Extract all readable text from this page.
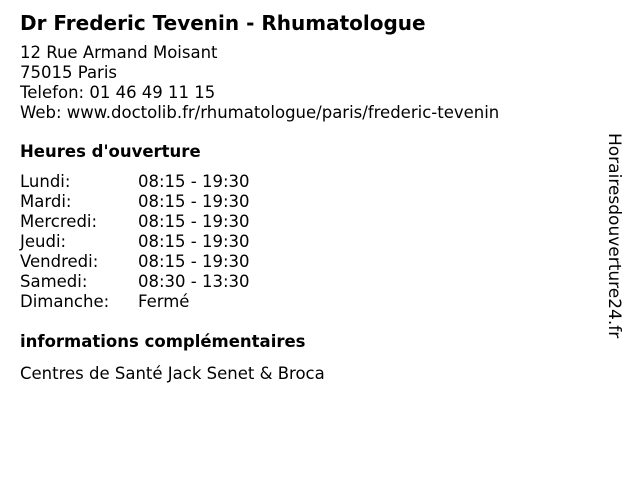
Dr Frederic Tevenin - Rhumatologue
12 Rue Armand Moisant
75015 Paris
Telefon: 01 46 49 11 15
Web: www.doctolib.fr/rhumatologue/paris/frederic-tevenin
Heures d'ouverture
Lundi:	08:15 - 19:30
Mardi:	08:15 - 19:30
Mercredi:	08:15 - 19:30
Jeudi:	08:15 - 19:30
Vendredi:	08:15 - 19:30
Samedi:	08:30 - 13:30
Dimanche:	Fermé
informations complémentaires
Centres de Santé Jack Senet & Broca
Horairesdouverture24.fr
